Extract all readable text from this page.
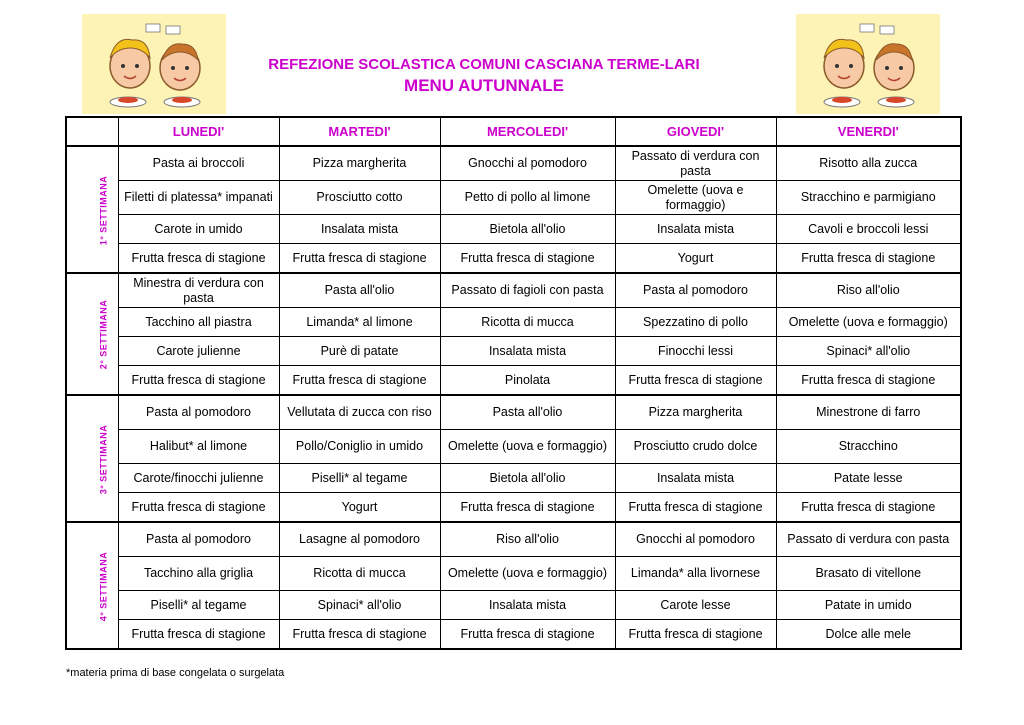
REFEZIONE SCOLASTICA COMUNI CASCIANA TERME-LARI
MENU AUTUNNALE
	LUNEDI'	MARTEDI'	MERCOLEDI'	GIOVEDI'	VENERDI'
1° SETTIMANA	Pasta ai broccoli	Pizza margherita	Gnocchi al pomodoro	Passato di verdura con pasta	Risotto alla zucca
	Filetti di platessa* impanati	Prosciutto cotto	Petto di pollo al limone	Omelette (uova e formaggio)	Stracchino e parmigiano
	Carote in umido	Insalata mista	Bietola all'olio	Insalata mista	Cavoli e broccoli lessi
	Frutta fresca di stagione	Frutta fresca di stagione	Frutta fresca di stagione	Yogurt	Frutta fresca di stagione
2° SETTIMANA	Minestra di verdura con pasta	Pasta all'olio	Passato di fagioli con pasta	Pasta al pomodoro	Riso all'olio
	Tacchino all piastra	Limanda* al limone	Ricotta di mucca	Spezzatino di pollo	Omelette (uova e formaggio)
	Carote julienne	Purè di patate	Insalata mista	Finocchi lessi	Spinaci* all'olio
	Frutta fresca di stagione	Frutta fresca di stagione	Pinolata	Frutta fresca di stagione	Frutta fresca di stagione
3° SETTIMANA	Pasta al pomodoro	Vellutata di zucca con riso	Pasta all'olio	Pizza margherita	Minestrone di farro
	Halibut* al limone	Pollo/Coniglio in umido	Omelette (uova e formaggio)	Prosciutto crudo dolce	Stracchino
	Carote/finocchi julienne	Piselli* al tegame	Bietola all'olio	Insalata mista	Patate lesse
	Frutta fresca di stagione	Yogurt	Frutta fresca di stagione	Frutta fresca di stagione	Frutta fresca di stagione
4° SETTIMANA	Pasta al pomodoro	Lasagne al pomodoro	Riso all'olio	Gnocchi al pomodoro	Passato di verdura con pasta
	Tacchino alla griglia	Ricotta di mucca	Omelette (uova e formaggio)	Limanda* alla livornese	Brasato di vitellone
	Piselli* al tegame	Spinaci* all'olio	Insalata mista	Carote lesse	Patate in umido
	Frutta fresca di stagione	Frutta fresca di stagione	Frutta fresca di stagione	Frutta fresca di stagione	Dolce alle mele
*materia prima di base congelata o surgelata
